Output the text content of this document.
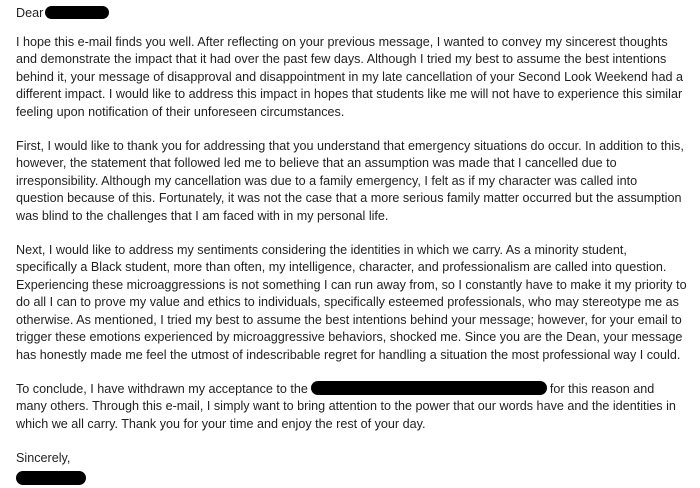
Dear

I hope this e-mail finds you well. After reflecting on your previous message, I wanted to convey my sincerest thoughts and demonstrate the impact that it had over the past few days. Although I tried my best to assume the best intentions behind it, your message of disapproval and disappointment in my late cancellation of your Second Look Weekend had a different impact. I would like to address this impact in hopes that students like me will not have to experience this similar feeling upon notification of their unforeseen circumstances.

First, I would like to thank you for addressing that you understand that emergency situations do occur. In addition to this, however, the statement that followed led me to believe that an assumption was made that I cancelled due to irresponsibility. Although my cancellation was due to a family emergency, I felt as if my character was called into question because of this. Fortunately, it was not the case that a more serious family matter occurred but the assumption was blind to the challenges that I am faced with in my personal life.

Next, I would like to address my sentiments considering the identities in which we carry. As a minority student, specifically a Black student, more than often, my intelligence, character, and professionalism are called into question. Experiencing these microaggressions is not something I can run away from, so I constantly have to make it my priority to do all I can to prove my value and ethics to individuals, specifically esteemed professionals, who may stereotype me as otherwise. As mentioned, I tried my best to assume the best intentions behind your message; however, for your email to trigger these emotions experienced by microaggressive behaviors, shocked me. Since you are the Dean, your message has honestly made me feel the utmost of indescribable regret for handling a situation the most professional way I could.

To conclude, I have withdrawn my acceptance to the	for this reason and many others. Through this e-mail, I simply want to bring attention to the power that our words have and the identities in which we all carry. Thank you for your time and enjoy the rest of your day.

Sincerely,
